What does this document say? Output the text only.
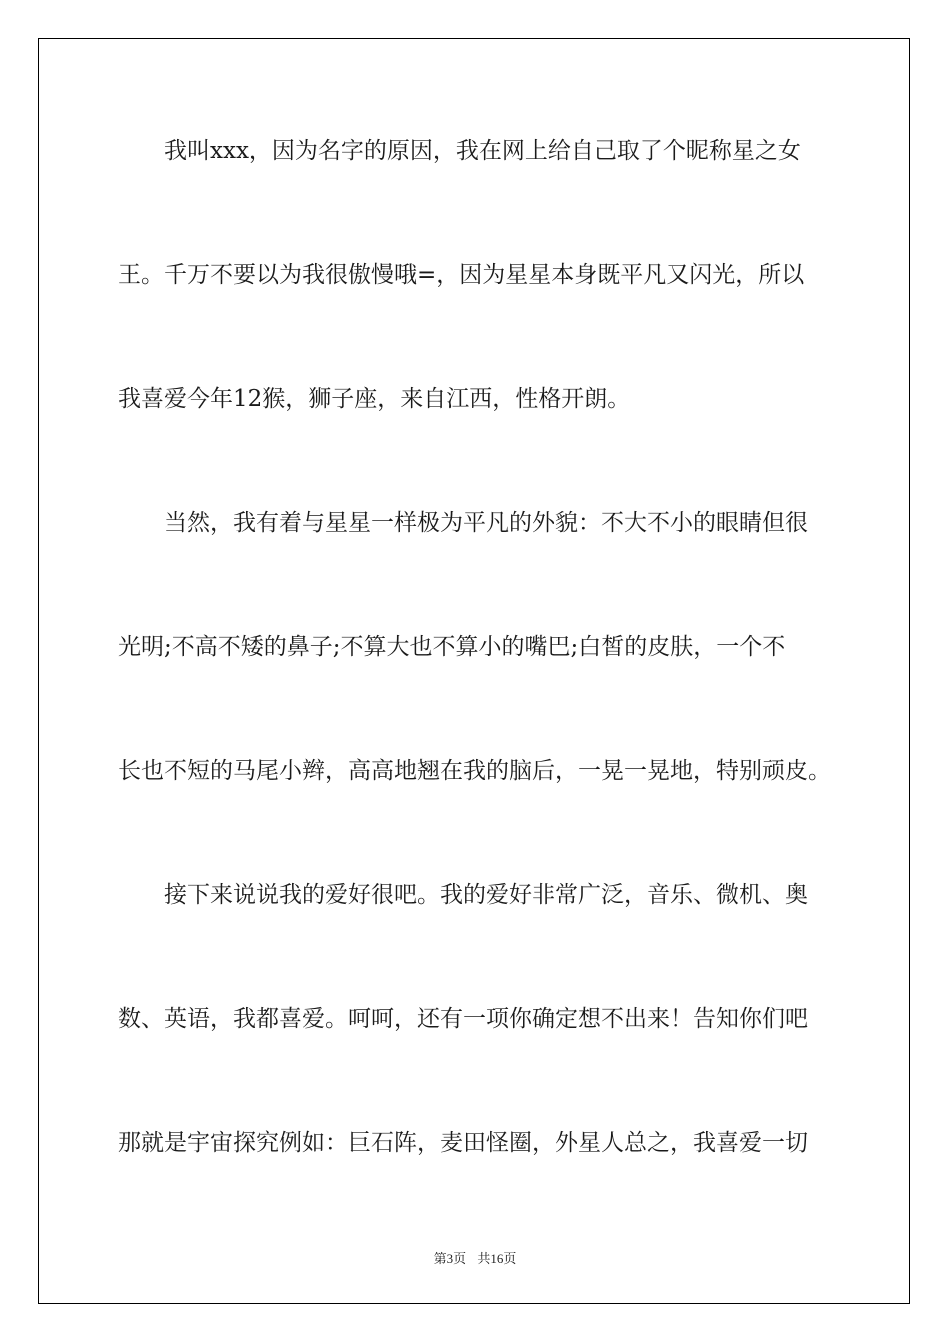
　　我叫xxx，因为名字的原因，我在网上给自己取了个昵称星之女

王。千万不要以为我很傲慢哦=，因为星星本身既平凡又闪光，所以

我喜爱今年12猴，狮子座，来自江西，性格开朗。

　　当然，我有着与星星一样极为平凡的外貌：不大不小的眼睛但很

光明;不高不矮的鼻子;不算大也不算小的嘴巴;白皙的皮肤，一个不

长也不短的马尾小辫，高高地翘在我的脑后，一晃一晃地，特别顽皮。

　　接下来说说我的爱好很吧。我的爱好非常广泛，音乐、微机、奥

数、英语，我都喜爱。呵呵，还有一项你确定想不出来！告知你们吧

那就是宇宙探究例如：巨石阵，麦田怪圈，外星人总之，我喜爱一切

第3页 共16页
